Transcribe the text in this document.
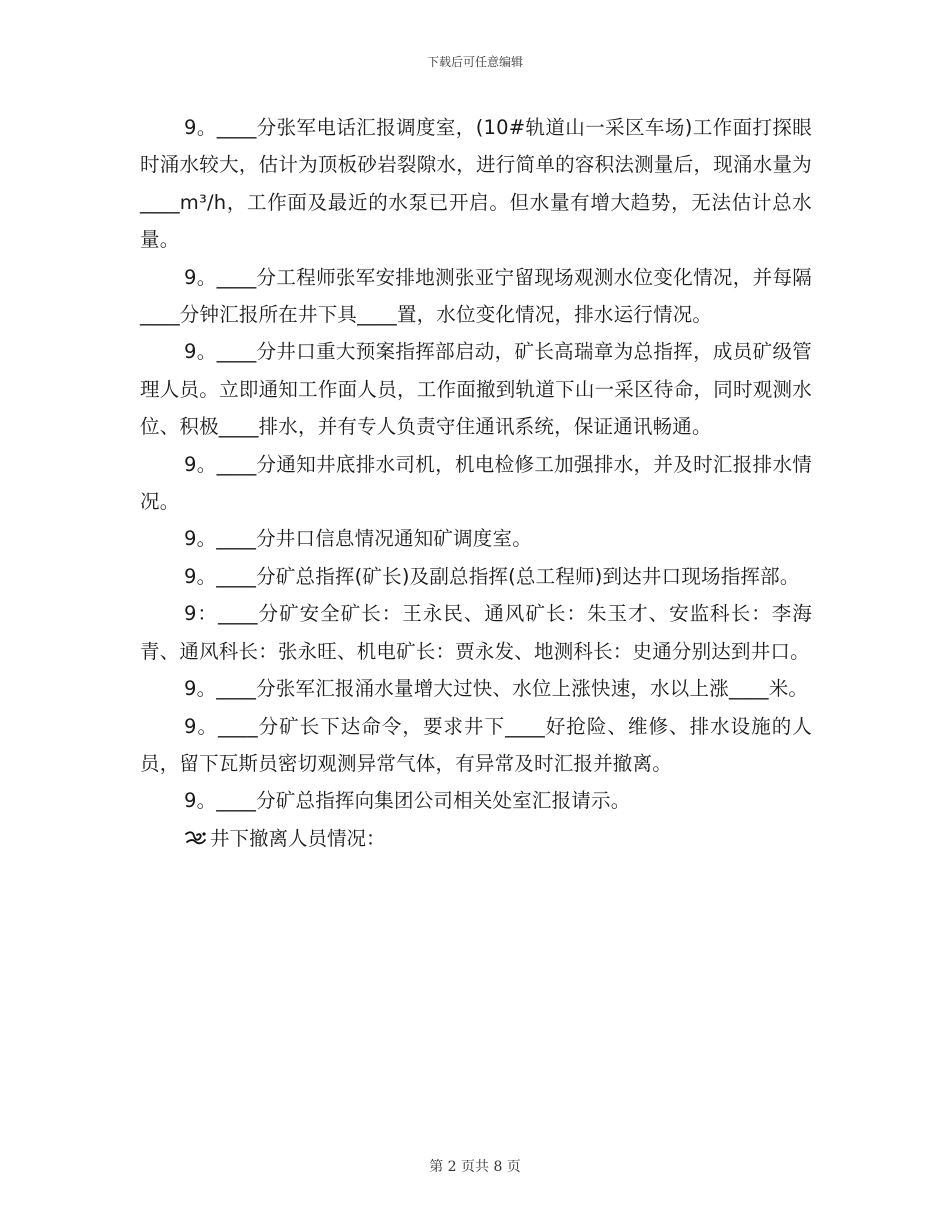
下载后可任意编辑

9。____分张军电话汇报调度室，(10#轨道山一采区车场)工作面打探眼时涌水较大，估计为顶板砂岩裂隙水，进行简单的容积法测量后，现涌水量为____m³/h，工作面及最近的水泵已开启。但水量有增大趋势，无法估计总水量。

9。____分工程师张军安排地测张亚宁留现场观测水位变化情况，并每隔____分钟汇报所在井下具____置，水位变化情况，排水运行情况。

9。____分井口重大预案指挥部启动，矿长高瑞章为总指挥，成员矿级管理人员。立即通知工作面人员，工作面撤到轨道下山一采区待命，同时观测水位、积极____排水，并有专人负责守住通讯系统，保证通讯畅通。

9。____分通知井底排水司机，机电检修工加强排水，并及时汇报排水情况。

9。____分井口信息情况通知矿调度室。

9。____分矿总指挥(矿长)及副总指挥(总工程师)到达井口现场指挥部。

9：____分矿安全矿长：王永民、通风矿长：朱玉才、安监科长：李海青、通风科长：张永旺、机电矿长：贾永发、地测科长：史通分别达到井口。

9。____分张军汇报涌水量增大过快、水位上涨快速，水以上涨____米。

9。____分矿长下达命令，要求井下____好抢险、维修、排水设施的人员，留下瓦斯员密切观测异常气体，有异常及时汇报并撤离。

9。____分矿总指挥向集团公司相关处室汇报请示。

井下撤离人员情况：

第 2 页共 8 页
